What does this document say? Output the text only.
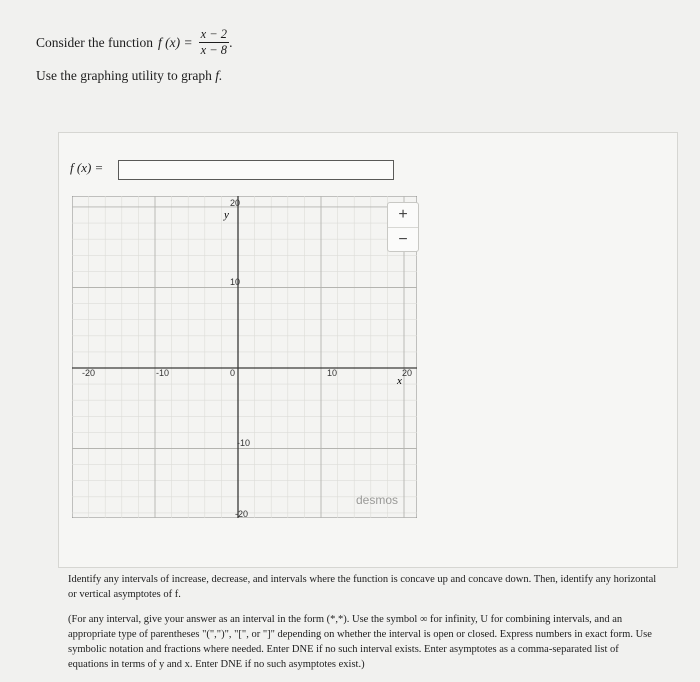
Consider the function f $(x) = \frac{x - 2}{x - 8}$ .
Use the graphing utility to graph f.
f (x) =
y
x
20
10
-10
-20
-20	-10	0	10	20
desmos
+
−

Identify any intervals of increase, decrease, and intervals where the function is concave up and concave down. Then, identify any horizontal or vertical asymptotes of f.

(For any interval, give your answer as an interval in the form (*,*). Use the symbol ∞ for infinity, U for combining intervals, and an appropriate type of parentheses "(",")", "[", or "]" depending on whether the interval is open or closed. Express numbers in exact form. Use symbolic notation and fractions where needed. Enter DNE if no such interval exists. Enter asymptotes as a comma-separated list of equations in terms of y and x. Enter DNE if no such asymptotes exist.)
